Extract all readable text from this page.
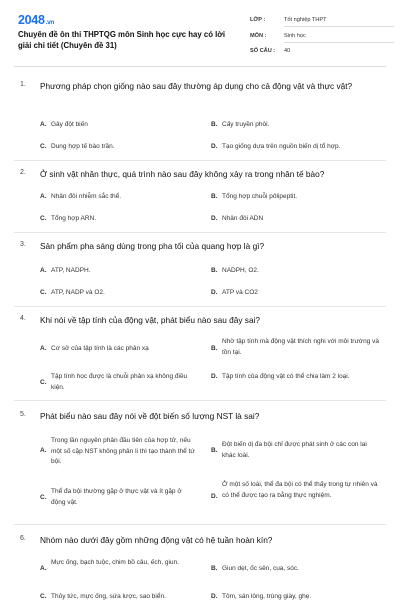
2048.vn
Chuyên đề ôn thi THPTQG môn Sinh học cực hay có lời giải chi tiết (Chuyên đề 31)
LỚP :	Tốt nghiệp THPT
MÔN :	Sinh học
SỐ CÂU :	40
1. Phương pháp chọn giống nào sau đây thường áp dụng cho cả động vật và thực vật?
A. Gây đột biến	B. Cấy truyền phôi.
C. Dung hợp tế bào trần.	D. Tạo giống dựa trên nguồn biến dị tổ hợp.
2. Ở sinh vật nhân thực, quá trình nào sau đây không xảy ra trong nhân tế bào?
A. Nhân đôi nhiễm sắc thể.	B. Tổng hợp chuỗi pôlipeptit.
C. Tổng hợp ARN.	D. Nhân đôi ADN
3. Sản phẩm pha sáng dùng trong pha tối của quang hợp là gì?
A. ATP, NADPH.	B. NADPH, O2.
C. ATP, NADP và O2.	D. ATP và CO2
4. Khi nói về tập tính của động vật, phát biểu nào sau đây sai?
A. Cơ sở của tập tính là các phản xạ	B.
Nhờ tập tính mà động vật thích nghi với môi trường và tồn tại.
C.
Tập tính học được là chuỗi phản xạ không điều kiện.
D. Tập tính của động vật có thể chia làm 2 loại.
5. Phát biểu nào sau đây nói về đột biến số lượng NST là sai?
A.
Trong lần nguyên phân đầu tiên của hợp tử, nếu một số cặp NST không phân li thì tạo thành thể tứ bội.
B.
Đột biến dị đa bội chỉ được phát sinh ở các con lai khác loài.
C.
Thể đa bội thường gặp ở thực vật và ít gặp ở động vật.
D.
Ở một số loài, thể đa bội có thể thấy trong tự nhiên và có thể được tạo ra bằng thực nghiệm.
6. Nhóm nào dưới đây gồm những động vật có hệ tuần hoàn kín?
A.
Mực ống, bạch tuộc, chim bồ câu, ếch, giun.
B. Giun dẹt, ốc sên, cua, sóc.
C. Thủy tức, mực ống, sứa lược, sao biển.	D. Tôm, sán lông, trùng giày, ghẹ.
